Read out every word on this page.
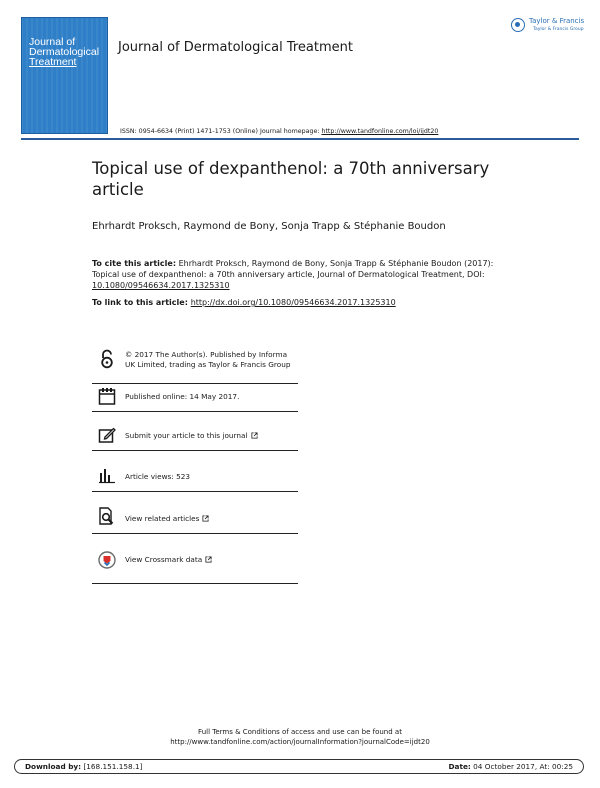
Journal of
Dermatological
Treatment
Journal of Dermatological Treatment
Taylor & Francis
Taylor & Francis Group
ISSN: 0954-6634 (Print) 1471-1753 (Online) Journal homepage: http://www.tandfonline.com/loi/ijdt20
Topical use of dexpanthenol: a 70th anniversary article
Ehrhardt Proksch, Raymond de Bony, Sonja Trapp & Stéphanie Boudon
To cite this article: Ehrhardt Proksch, Raymond de Bony, Sonja Trapp & Stéphanie Boudon (2017): Topical use of dexpanthenol: a 70th anniversary article, Journal of Dermatological Treatment, DOI: 10.1080/09546634.2017.1325310
To link to this article: http://dx.doi.org/10.1080/09546634.2017.1325310
© 2017 The Author(s). Published by Informa UK Limited, trading as Taylor & Francis Group
Published online: 14 May 2017.
Submit your article to this journal
Article views: 523
View related articles
View Crossmark data
Full Terms & Conditions of access and use can be found at
http://www.tandfonline.com/action/journalInformation?journalCode=ijdt20
Download by: [168.151.158.1]	Date: 04 October 2017, At: 00:25
